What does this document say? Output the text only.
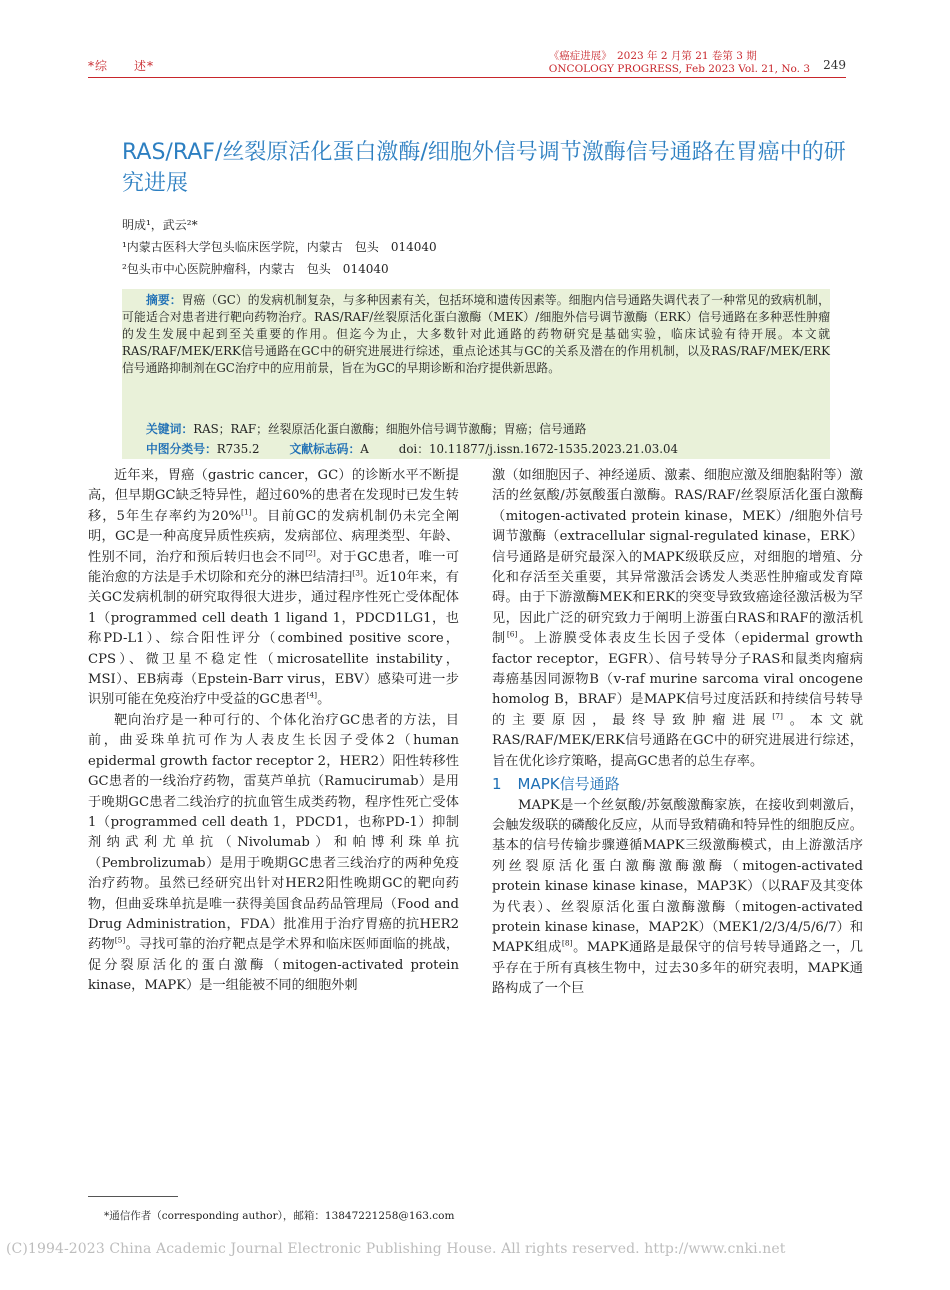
*综　　述*
《癌症进展》　2023 年 2 月第 21 卷第 3 期
ONCOLOGY PROGRESS, Feb 2023 Vol. 21, No. 3 249
RAS/RAF/丝裂原活化蛋白激酶/细胞外信号调节激酶信号通路在胃癌中的研究进展
明成¹，武云²*
¹内蒙古医科大学包头临床医学院，内蒙古　包头　014040
²包头市中心医院肿瘤科，内蒙古　包头　014040
摘要：胃癌（GC）的发病机制复杂，与多种因素有关，包括环境和遗传因素等。细胞内信号通路失调代表了一种常见的致病机制，可能适合对患者进行靶向药物治疗。RAS/RAF/丝裂原活化蛋白激酶（MEK）/细胞外信号调节激酶（ERK）信号通路在多种恶性肿瘤的发生发展中起到至关重要的作用。但迄今为止，大多数针对此通路的药物研究是基础实验，临床试验有待开展。本文就RAS/RAF/MEK/ERK信号通路在GC中的研究进展进行综述，重点论述其与GC的关系及潜在的作用机制，以及RAS/RAF/MEK/ERK信号通路抑制剂在GC治疗中的应用前景，旨在为GC的早期诊断和治疗提供新思路。
关键词：RAS；RAF；丝裂原活化蛋白激酶；细胞外信号调节激酶；胃癌；信号通路
中图分类号：R735.2	文献标志码：A	doi：10.11877/j.issn.1672-1535.2023.21.03.04

近年来，胃癌（gastric cancer，GC）的诊断水平不断提高，但早期GC缺乏特异性，超过60%的患者在发现时已发生转移，5年生存率约为20%[1]。目前GC的发病机制仍未完全阐明，GC是一种高度异质性疾病，发病部位、病理类型、年龄、性别不同，治疗和预后转归也会不同[2]。对于GC患者，唯一可能治愈的方法是手术切除和充分的淋巴结清扫[3]。近10年来，有关GC发病机制的研究取得很大进步，通过程序性死亡受体配体1（programmed cell death 1 ligand 1，PDCD1LG1，也称PD-L1）、综合阳性评分（combined positive score，CPS）、微卫星不稳定性（microsatellite instability，MSI）、EB病毒（Epstein-Barr virus，EBV）感染可进一步识别可能在免疫治疗中受益的GC患者[4]。

靶向治疗是一种可行的、个体化治疗GC患者的方法，目前，曲妥珠单抗可作为人表皮生长因子受体2（human epidermal growth factor receptor 2，HER2）阳性转移性GC患者的一线治疗药物，雷莫芦单抗（Ramucirumab）是用于晚期GC患者二线治疗的抗血管生成类药物，程序性死亡受体1（programmed cell death 1，PDCD1，也称PD-1）抑制剂纳武利尤单抗（Nivolumab）和帕博利珠单抗（Pembrolizumab）是用于晚期GC患者三线治疗的两种免疫治疗药物。虽然已经研究出针对HER2阳性晚期GC的靶向药物，但曲妥珠单抗是唯一获得美国食品药品管理局（Food and Drug Administration，FDA）批准用于治疗胃癌的抗HER2药物[5]。寻找可靠的治疗靶点是学术界和临床医师面临的挑战，促分裂原活化的蛋白激酶（mitogen-activated protein kinase，MAPK）是一组能被不同的细胞外刺

激（如细胞因子、神经递质、激素、细胞应激及细胞黏附等）激活的丝氨酸/苏氨酸蛋白激酶。RAS/RAF/丝裂原活化蛋白激酶（mitogen-activated protein kinase，MEK）/细胞外信号调节激酶（extracellular signal-regulated kinase，ERK）信号通路是研究最深入的MAPK级联反应，对细胞的增殖、分化和存活至关重要，其异常激活会诱发人类恶性肿瘤或发育障碍。由于下游激酶MEK和ERK的突变导致致癌途径激活极为罕见，因此广泛的研究致力于阐明上游蛋白RAS和RAF的激活机制[6]。上游膜受体表皮生长因子受体（epidermal growth factor receptor，EGFR）、信号转导分子RAS和鼠类肉瘤病毒癌基因同源物B（v-raf murine sarcoma viral oncogene homolog B，BRAF）是MAPK信号过度活跃和持续信号转导的主要原因，最终导致肿瘤进展[7]。本文就RAS/RAF/MEK/ERK信号通路在GC中的研究进展进行综述，旨在优化诊疗策略，提高GC患者的总生存率。

1 MAPK信号通路

MAPK是一个丝氨酸/苏氨酸激酶家族，在接收到刺激后，会触发级联的磷酸化反应，从而导致精确和特异性的细胞反应。基本的信号传输步骤遵循MAPK三级激酶模式，由上游激活序列丝裂原活化蛋白激酶激酶激酶（mitogen-activated protein kinase kinase kinase，MAP3K）（以RAF及其变体为代表）、丝裂原活化蛋白激酶激酶（mitogen-activated protein kinase kinase，MAP2K）（MEK1/2/3/4/5/6/7）和MAPK组成[8]。MAPK通路是最保守的信号转导通路之一，几乎存在于所有真核生物中，过去30多年的研究表明，MAPK通路构成了一个巨

*通信作者（corresponding author），邮箱：13847221258@163.com
(C)1994-2023 China Academic Journal Electronic Publishing House. All rights reserved. http://www.cnki.net
